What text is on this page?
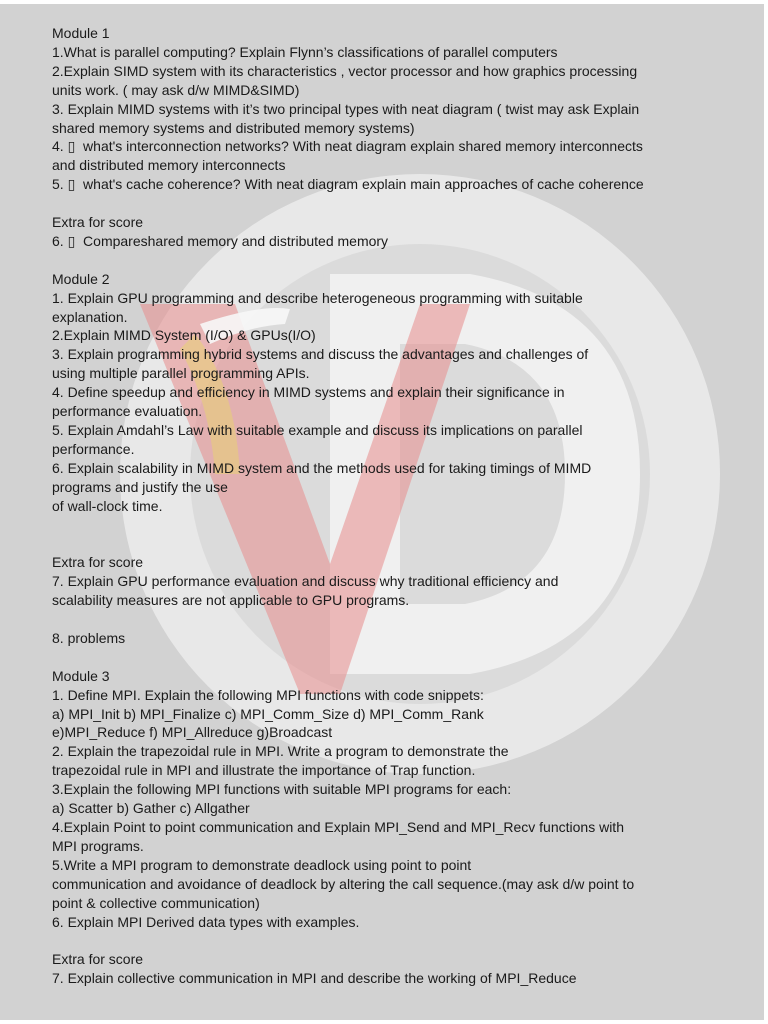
Module 1

1.What is parallel computing? Explain Flynn’s classifications of parallel computers

2.Explain SIMD system with its characteristics , vector processor and how graphics processing

units work. ( may ask d/w MIMD&SIMD)

3. Explain MIMD systems with it’s two principal types with neat diagram ( twist may ask Explain

shared memory systems and distributed memory systems)

4. ▯  what's interconnection networks? With neat diagram explain shared memory interconnects

and distributed memory interconnects

5. ▯  what's cache coherence? With neat diagram explain main approaches of cache coherence

Extra for score

6. ▯  Compareshared memory and distributed memory

Module 2

1. Explain GPU programming and describe heterogeneous programming with suitable

explanation.

2.Explain MIMD System (I/O) & GPUs(I/O)

3. Explain programming hybrid systems and discuss the advantages and challenges of

using multiple parallel programming APIs.

4. Define speedup and efficiency in MIMD systems and explain their significance in

performance evaluation.

5. Explain Amdahl’s Law with suitable example and discuss its implications on parallel

performance.

6. Explain scalability in MIMD system and the methods used for taking timings of MIMD

programs and justify the use

of wall-clock time.

Extra for score

7. Explain GPU performance evaluation and discuss why traditional efficiency and

scalability measures are not applicable to GPU programs.

8. problems

Module 3

1. Define MPI. Explain the following MPI functions with code snippets:

a) MPI_Init b) MPI_Finalize c) MPI_Comm_Size d) MPI_Comm_Rank

e)MPI_Reduce f) MPI_Allreduce g)Broadcast

2. Explain the trapezoidal rule in MPI. Write a program to demonstrate the

trapezoidal rule in MPI and illustrate the importance of Trap function.

3.Explain the following MPI functions with suitable MPI programs for each:

a) Scatter b) Gather c) Allgather

4.Explain Point to point communication and Explain MPI_Send and MPI_Recv functions with

MPI programs.

5.Write a MPI program to demonstrate deadlock using point to point

communication and avoidance of deadlock by altering the call sequence.(may ask d/w point to

point & collective communication)

6. Explain MPI Derived data types with examples.

Extra for score

7. Explain collective communication in MPI and describe the working of MPI_Reduce
